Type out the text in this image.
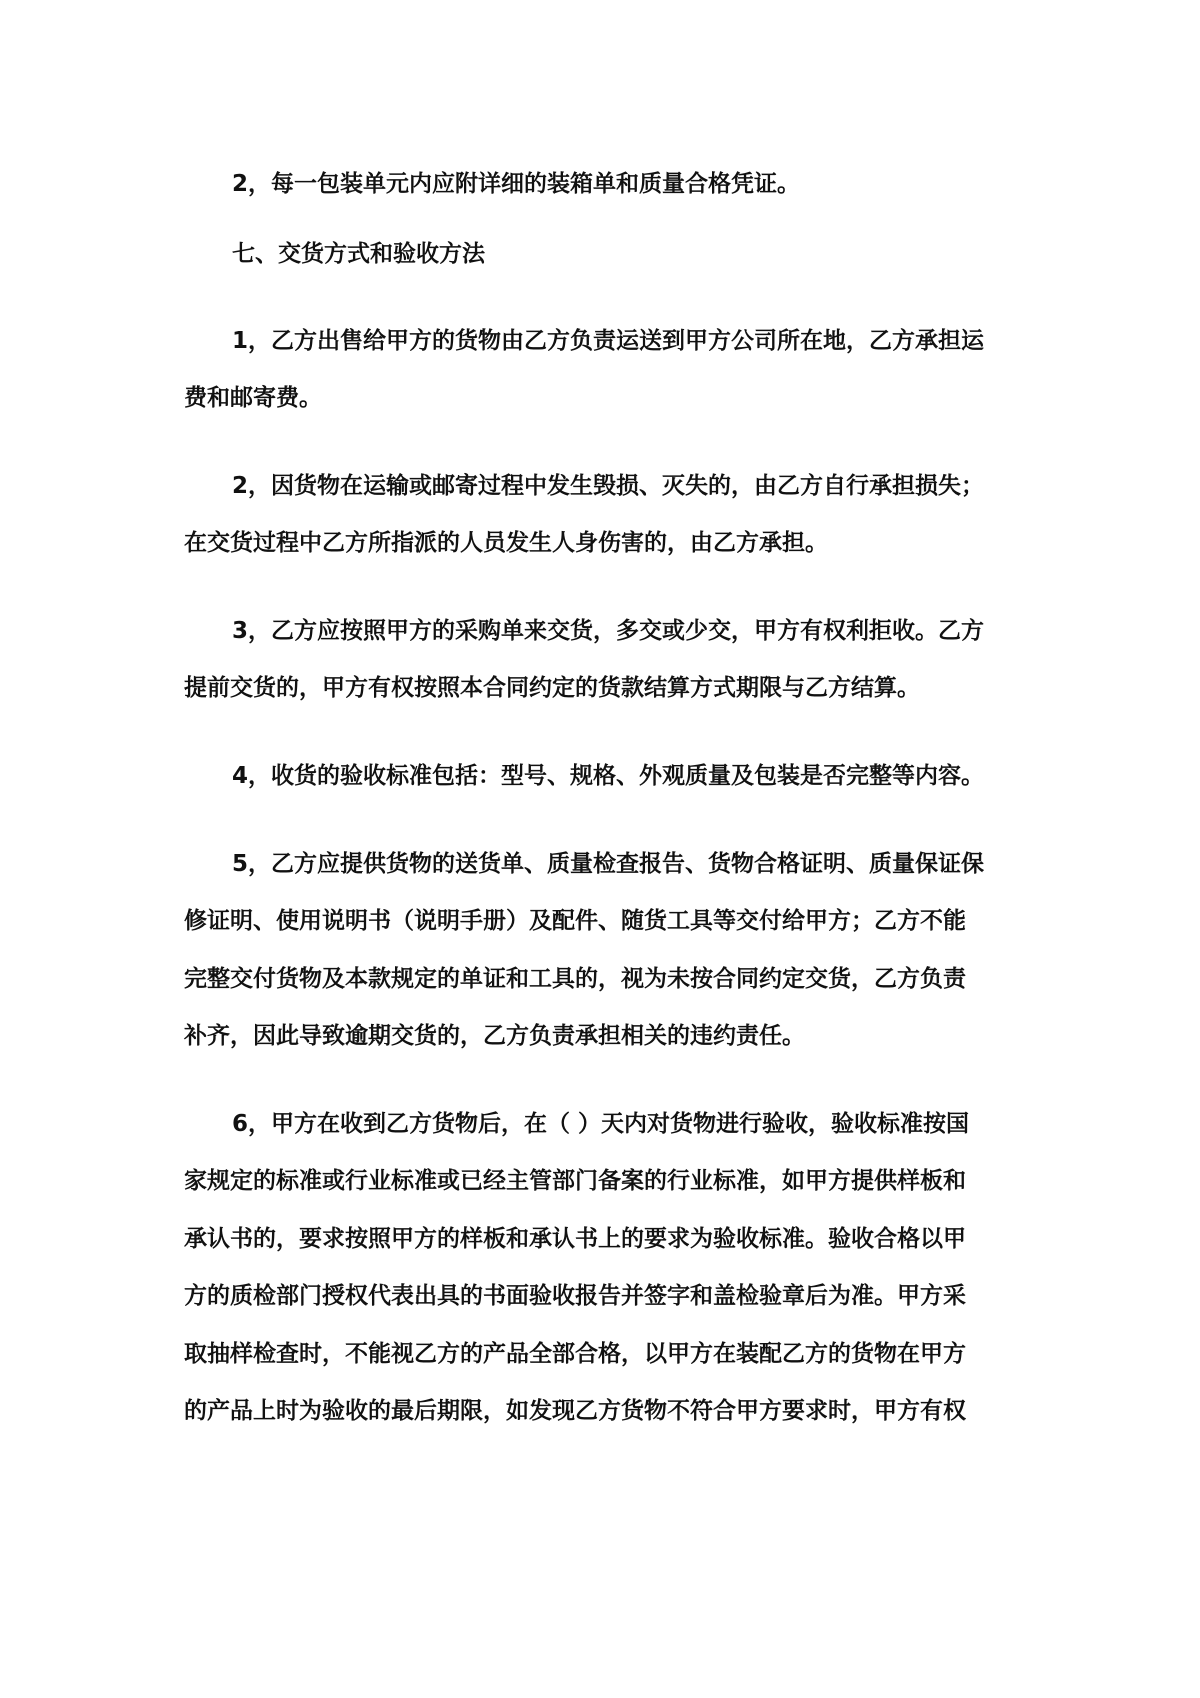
2，每一包装单元内应附详细的装箱单和质量合格凭证。
七、交货方式和验收方法
1，乙方出售给甲方的货物由乙方负责运送到甲方公司所在地，乙方承担运
费和邮寄费。
2，因货物在运输或邮寄过程中发生毁损、灭失的，由乙方自行承担损失；
在交货过程中乙方所指派的人员发生人身伤害的，由乙方承担。
3，乙方应按照甲方的采购单来交货，多交或少交，甲方有权利拒收。乙方
提前交货的，甲方有权按照本合同约定的货款结算方式期限与乙方结算。
4，收货的验收标准包括：型号、规格、外观质量及包装是否完整等内容。
5，乙方应提供货物的送货单、质量检查报告、货物合格证明、质量保证保
修证明、使用说明书（说明手册）及配件、随货工具等交付给甲方；乙方不能
完整交付货物及本款规定的单证和工具的，视为未按合同约定交货，乙方负责
补齐，因此导致逾期交货的，乙方负责承担相关的违约责任。
6，甲方在收到乙方货物后，在（ ）天内对货物进行验收，验收标准按国
家规定的标准或行业标准或已经主管部门备案的行业标准，如甲方提供样板和
承认书的，要求按照甲方的样板和承认书上的要求为验收标准。验收合格以甲
方的质检部门授权代表出具的书面验收报告并签字和盖检验章后为准。甲方采
取抽样检查时，不能视乙方的产品全部合格，以甲方在装配乙方的货物在甲方
的产品上时为验收的最后期限，如发现乙方货物不符合甲方要求时，甲方有权
